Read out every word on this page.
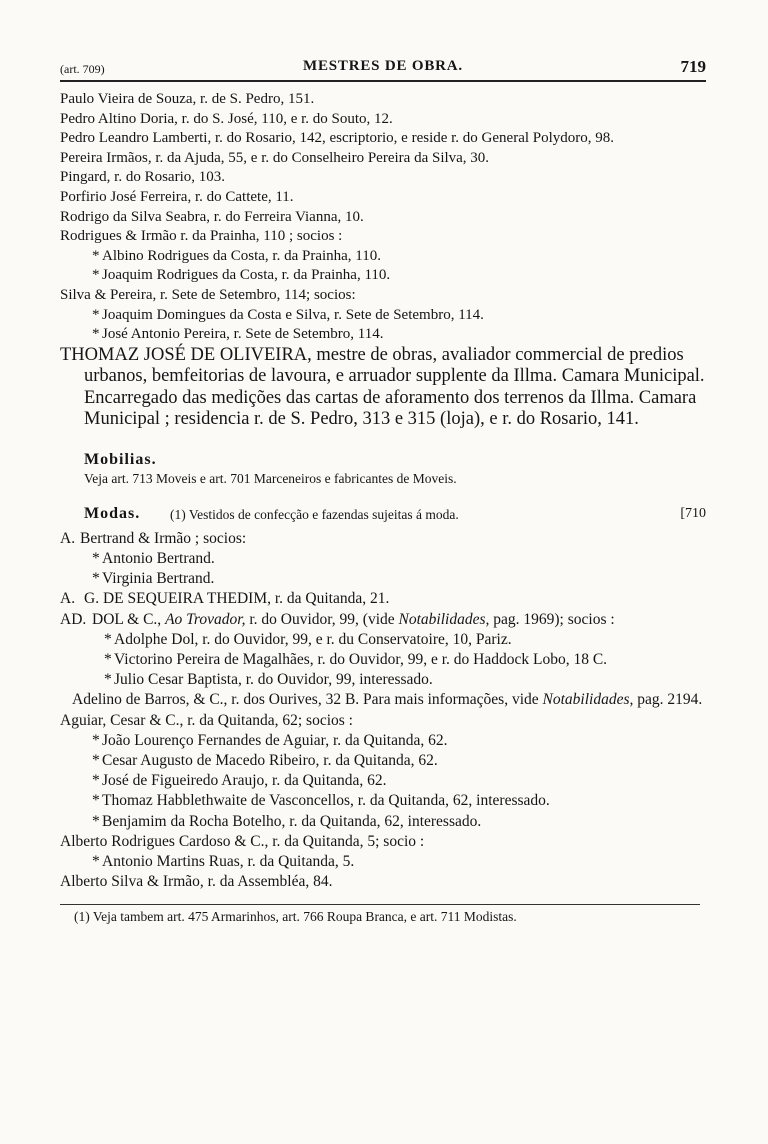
(art. 709)	MESTRES DE OBRA.	719

Paulo Vieira de Souza, r. de S. Pedro, 151.

Pedro Altino Doria, r. do S. José, 110, e r. do Souto, 12.

Pedro Leandro Lamberti, r. do Rosario, 142, escriptorio, e reside r. do General Polydoro, 98.

Pereira Irmãos, r. da Ajuda, 55, e r. do Conselheiro Pereira da Silva, 30.

Pingard, r. do Rosario, 103.

Porfirio José Ferreira, r. do Cattete, 11.

Rodrigo da Silva Seabra, r. do Ferreira Vianna, 10.

Rodrigues & Irmão r. da Prainha, 110 ; socios :

* Albino Rodrigues da Costa, r. da Prainha, 110.

* Joaquim Rodrigues da Costa, r. da Prainha, 110.

Silva & Pereira, r. Sete de Setembro, 114; socios:

* Joaquim Domingues da Costa e Silva, r. Sete de Setembro, 114.

* José Antonio Pereira, r. Sete de Setembro, 114.

THOMAZ JOSÉ DE OLIVEIRA, mestre de obras, avaliador commercial de predios urbanos, bemfeitorias de lavoura, e arruador supplente da Illma. Camara Municipal. Encarregado das medições das cartas de aforamento dos terrenos da Illma. Camara Municipal ; residencia r. de S. Pedro, 313 e 315 (loja), e r. do Rosario, 141.

Mobilias.
Veja art. 713 Moveis e art. 701 Marceneiros e fabricantes de Moveis.
Modas. (1) Vestidos de confecção e fazendas sujeitas á moda.	[710

A. Bertrand & Irmão ; socios:

* Antonio Bertrand.

* Virginia Bertrand.

A. G. DE SEQUEIRA THEDIM, r. da Quitanda, 21.

AD. DOL & C., Ao Trovador, r. do Ouvidor, 99, (vide Notabilidades, pag. 1969); socios :

* Adolphe Dol, r. do Ouvidor, 99, e r. du Conservatoire, 10, Pariz.

* Victorino Pereira de Magalhães, r. do Ouvidor, 99, e r. do Haddock Lobo, 18 C.

* Julio Cesar Baptista, r. do Ouvidor, 99, interessado.

Adelino de Barros, & C., r. dos Ourives, 32 B. Para mais informações, vide Notabilidades, pag. 2194.

Aguiar, Cesar & C., r. da Quitanda, 62; socios :

* João Lourenço Fernandes de Aguiar, r. da Quitanda, 62.

* Cesar Augusto de Macedo Ribeiro, r. da Quitanda, 62.

* José de Figueiredo Araujo, r. da Quitanda, 62.

* Thomaz Habblethwaite de Vasconcellos, r. da Quitanda, 62, interessado.

* Benjamim da Rocha Botelho, r. da Quitanda, 62, interessado.

Alberto Rodrigues Cardoso & C., r. da Quitanda, 5; socio :

* Antonio Martins Ruas, r. da Quitanda, 5.

Alberto Silva & Irmão, r. da Assembléa, 84.

(1) Veja tambem art. 475 Armarinhos, art. 766 Roupa Branca, e art. 711 Modistas.
